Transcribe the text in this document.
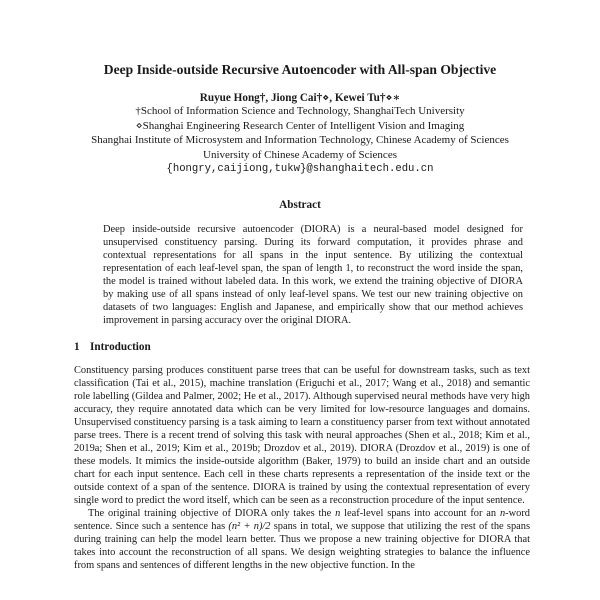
Deep Inside-outside Recursive Autoencoder with All-span Objective
Ruyue Hong†, Jiong Cai†⋄, Kewei Tu†⋄∗
†School of Information Science and Technology, ShanghaiTech University
⋄Shanghai Engineering Research Center of Intelligent Vision and Imaging
Shanghai Institute of Microsystem and Information Technology, Chinese Academy of Sciences
University of Chinese Academy of Sciences
{hongry,caijiong,tukw}@shanghaitech.edu.cn
Abstract

Deep inside-outside recursive autoencoder (DIORA) is a neural-based model designed for unsupervised constituency parsing. During its forward computation, it provides phrase and contextual representations for all spans in the input sentence. By utilizing the contextual representation of each leaf-level span, the span of length 1, to reconstruct the word inside the span, the model is trained without labeled data. In this work, we extend the training objective of DIORA by making use of all spans instead of only leaf-level spans. We test our new training objective on datasets of two languages: English and Japanese, and empirically show that our method achieves improvement in parsing accuracy over the original DIORA.

1 Introduction

Constituency parsing produces constituent parse trees that can be useful for downstream tasks, such as text classification (Tai et al., 2015), machine translation (Eriguchi et al., 2017; Wang et al., 2018) and semantic role labelling (Gildea and Palmer, 2002; He et al., 2017). Although supervised neural methods have very high accuracy, they require annotated data which can be very limited for low-resource languages and domains. Unsupervised constituency parsing is a task aiming to learn a constituency parser from text without annotated parse trees. There is a recent trend of solving this task with neural approaches (Shen et al., 2018; Kim et al., 2019a; Shen et al., 2019; Kim et al., 2019b; Drozdov et al., 2019). DIORA (Drozdov et al., 2019) is one of these models. It mimics the inside-outside algorithm (Baker, 1979) to build an inside chart and an outside chart for each input sentence. Each cell in these charts represents a representation of the inside text or the outside context of a span of the sentence. DIORA is trained by using the contextual representation of every single word to predict the word itself, which can be seen as a reconstruction procedure of the input sentence.

The original training objective of DIORA only takes the n leaf-level spans into account for an n-word sentence. Since such a sentence has (n² + n)/2 spans in total, we suppose that utilizing the rest of the spans during training can help the model learn better. Thus we propose a new training objective for DIORA that takes into account the reconstruction of all spans. We design weighting strategies to balance the influence from spans and sentences of different lengths in the new objective function. In the
